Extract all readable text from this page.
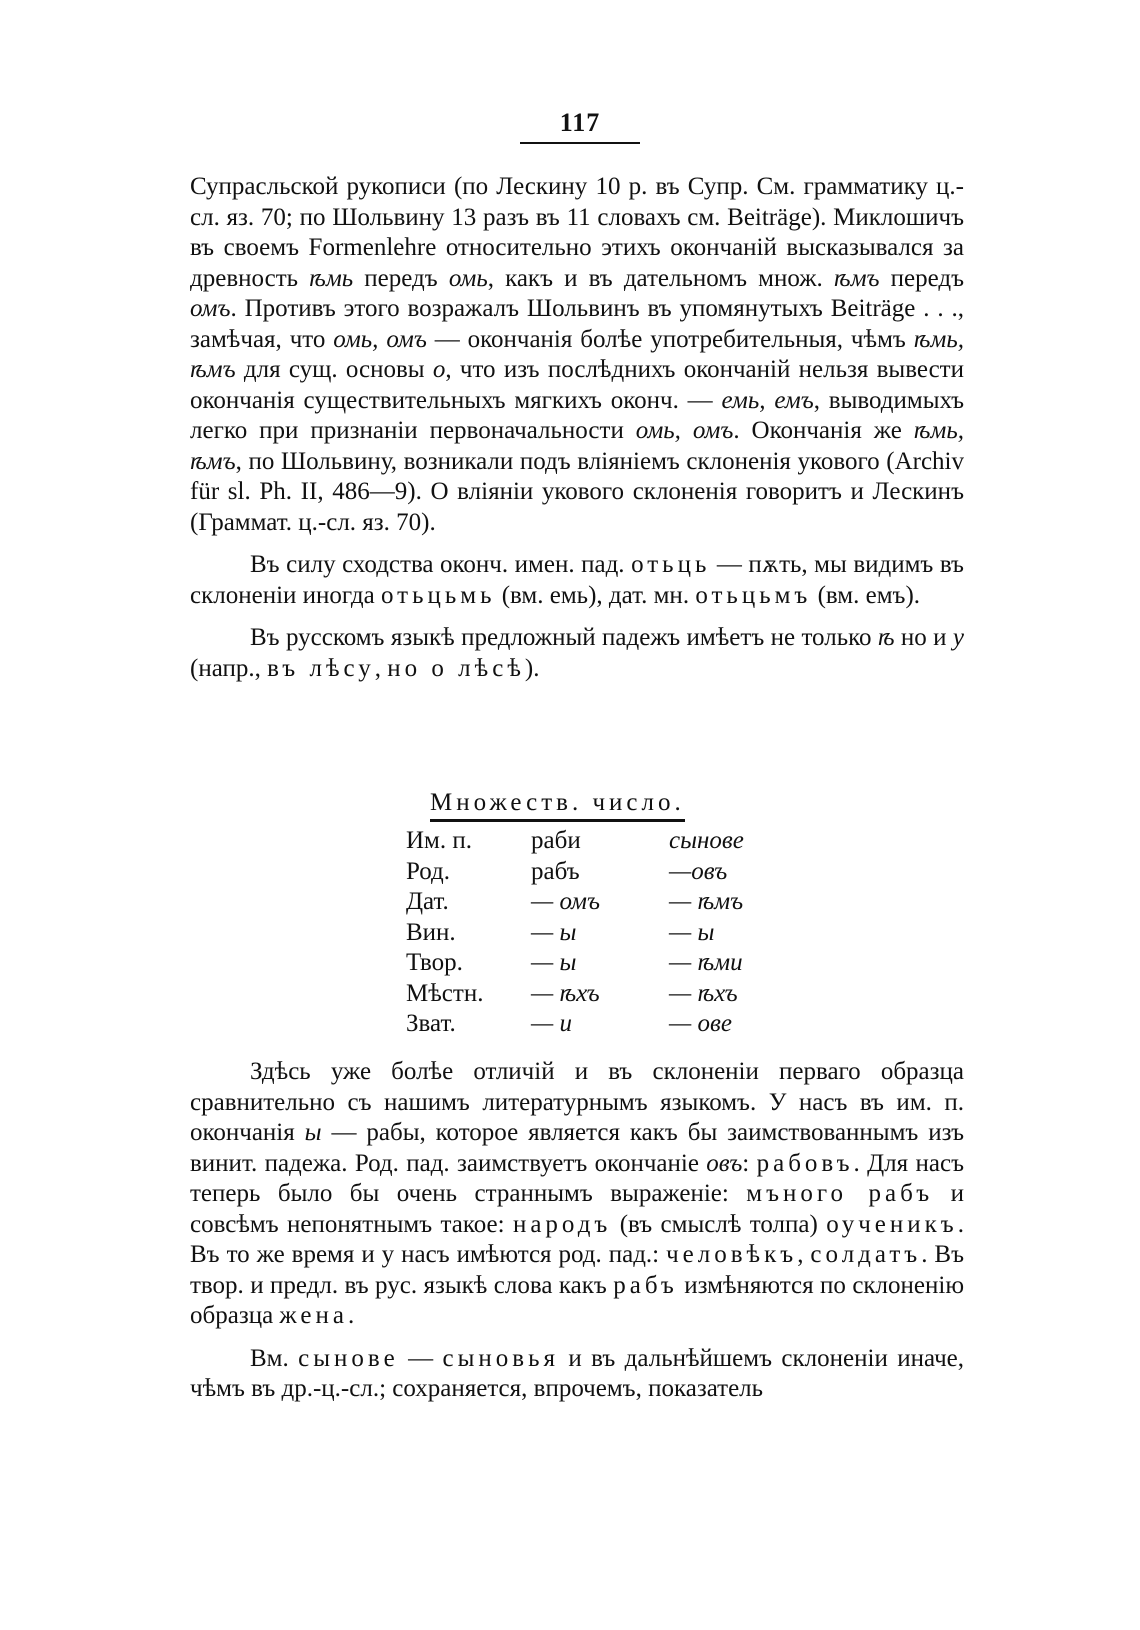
117

Супрасльской рукописи (по Лескину 10 р. въ Супр. См. грамматику ц.-сл. яз. 70; по Шольвину 13 разъ въ 11 словахъ см. Beiträge). Миклошичъ въ своемъ Formenlehre относительно этихъ окончаній высказывался за древность ѣмь передъ омь, какъ и въ дательномъ множ. ѣмъ передъ омъ. Противъ этого возражалъ Шольвинъ въ упомянутыхъ Beiträge . . ., замѣчая, что омь, омъ — окончанія болѣе употребительныя, чѣмъ ѣмь, ѣмъ для сущ. основы о, что изъ послѣднихъ окончаній нельзя вывести окончанія существительныхъ мягкихъ оконч. — емь, емъ, выводимыхъ легко при признаніи первоначальности омь, омъ. Окончанія же ѣмь, ѣмъ, по Шольвину, возникали подъ вліяніемъ склоненія укового (Archiv für sl. Ph. II, 486—9). О вліяніи укового склоненія говоритъ и Лескинъ (Граммат. ц.-сл. яз. 70).

Въ силу сходства оконч. имен. пад. отьць — пѫть, мы видимъ въ склоненіи иногда отьцьмь (вм. емь), дат. мн. отьцьмъ (вм. емъ).

Въ русскомъ языкѣ предложный падежъ имѣетъ не только ѣ но и у (напр., въ лѣсу, но о лѣсѣ).

Множеств. число.
Им. п.	раби	сынове
Род.	рабъ	—овъ
Дат.	— омъ	— ѣмъ
Вин.	— ы	— ы
Твор.	— ы	— ѣми
Мѣстн.	— ѣхъ	— ѣхъ
Зват.	— и	— ове

Здѣсь уже болѣе отличій и въ склоненіи перваго образца сравнительно съ нашимъ литературнымъ языкомъ. У насъ въ им. п. окончанія ы — рабы, которое является какъ бы заимствованнымъ изъ винит. падежа. Род. пад. заимствуетъ окончаніе овъ: рабовъ. Для насъ теперь было бы очень страннымъ выраженіе: мъного рабъ и совсѣмъ непонятнымъ такое: народъ (въ смыслѣ толпа) оученикъ. Въ то же время и у насъ имѣются род. пад.: человѣкъ, солдатъ. Въ твор. и предл. въ рус. языкѣ слова какъ рабъ измѣняются по склоненію образца жена.

Вм. сынове — сыновья и въ дальнѣйшемъ склоненіи иначе, чѣмъ въ др.-ц.-сл.; сохраняется, впрочемъ, показатель
